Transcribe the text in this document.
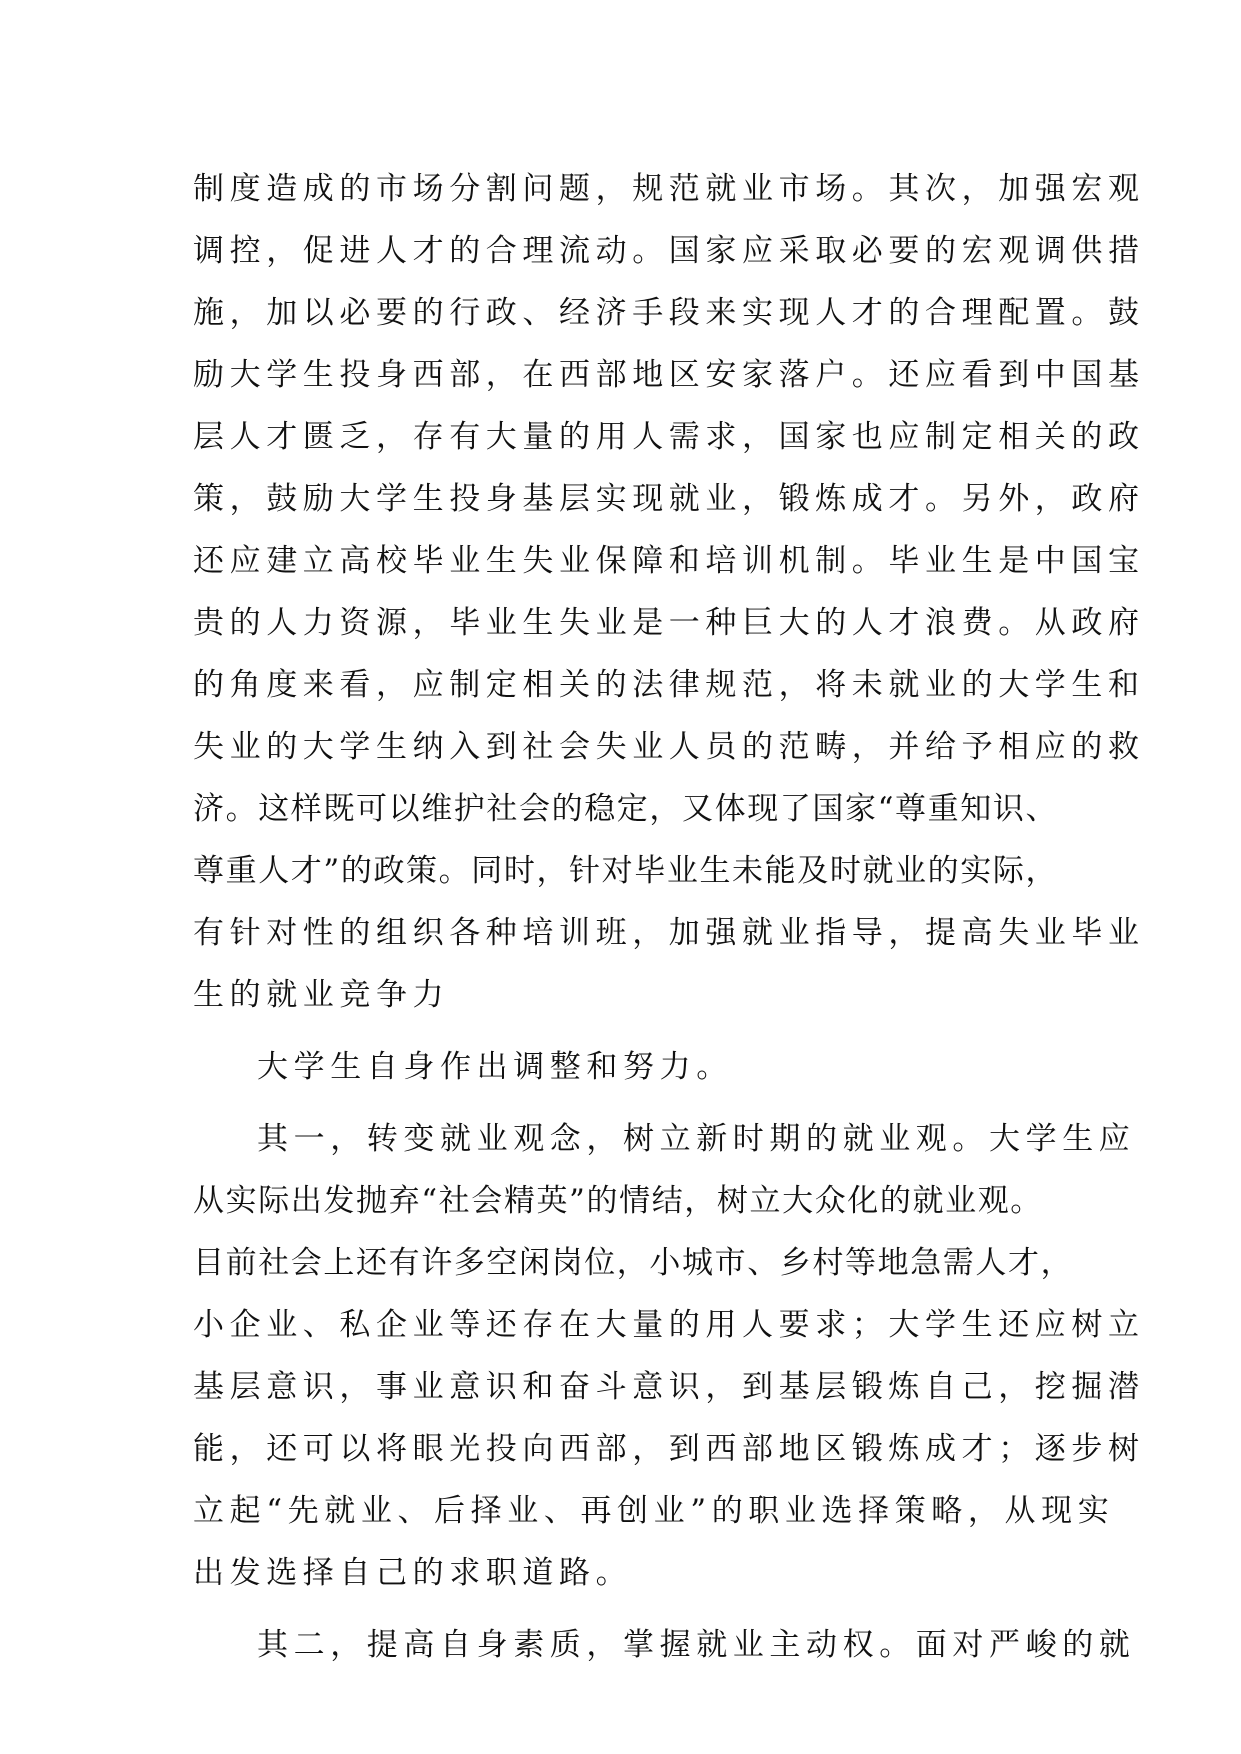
制度造成的市场分割问题，规范就业市场。其次，加强宏观
调控，促进人才的合理流动。国家应采取必要的宏观调供措
施，加以必要的行政、经济手段来实现人才的合理配置。鼓
励大学生投身西部，在西部地区安家落户。还应看到中国基
层人才匮乏，存有大量的用人需求，国家也应制定相关的政
策，鼓励大学生投身基层实现就业，锻炼成才。另外，政府
还应建立高校毕业生失业保障和培训机制。毕业生是中国宝
贵的人力资源，毕业生失业是一种巨大的人才浪费。从政府
的角度来看，应制定相关的法律规范，将未就业的大学生和
失业的大学生纳入到社会失业人员的范畴，并给予相应的救
济。这样既可以维护社会的稳定，又体现了国家“尊重知识、
尊重人才”的政策。同时，针对毕业生未能及时就业的实际，
有针对性的组织各种培训班，加强就业指导，提高失业毕业
生的就业竞争力
大学生自身作出调整和努力。
其一，转变就业观念，树立新时期的就业观。大学生应
从实际出发抛弃“社会精英”的情结，树立大众化的就业观。
目前社会上还有许多空闲岗位，小城市、乡村等地急需人才，
小企业、私企业等还存在大量的用人要求；大学生还应树立
基层意识，事业意识和奋斗意识，到基层锻炼自己，挖掘潜
能，还可以将眼光投向西部，到西部地区锻炼成才；逐步树
立起“先就业、后择业、再创业”的职业选择策略，从现实
出发选择自己的求职道路。
其二，提高自身素质，掌握就业主动权。面对严峻的就
